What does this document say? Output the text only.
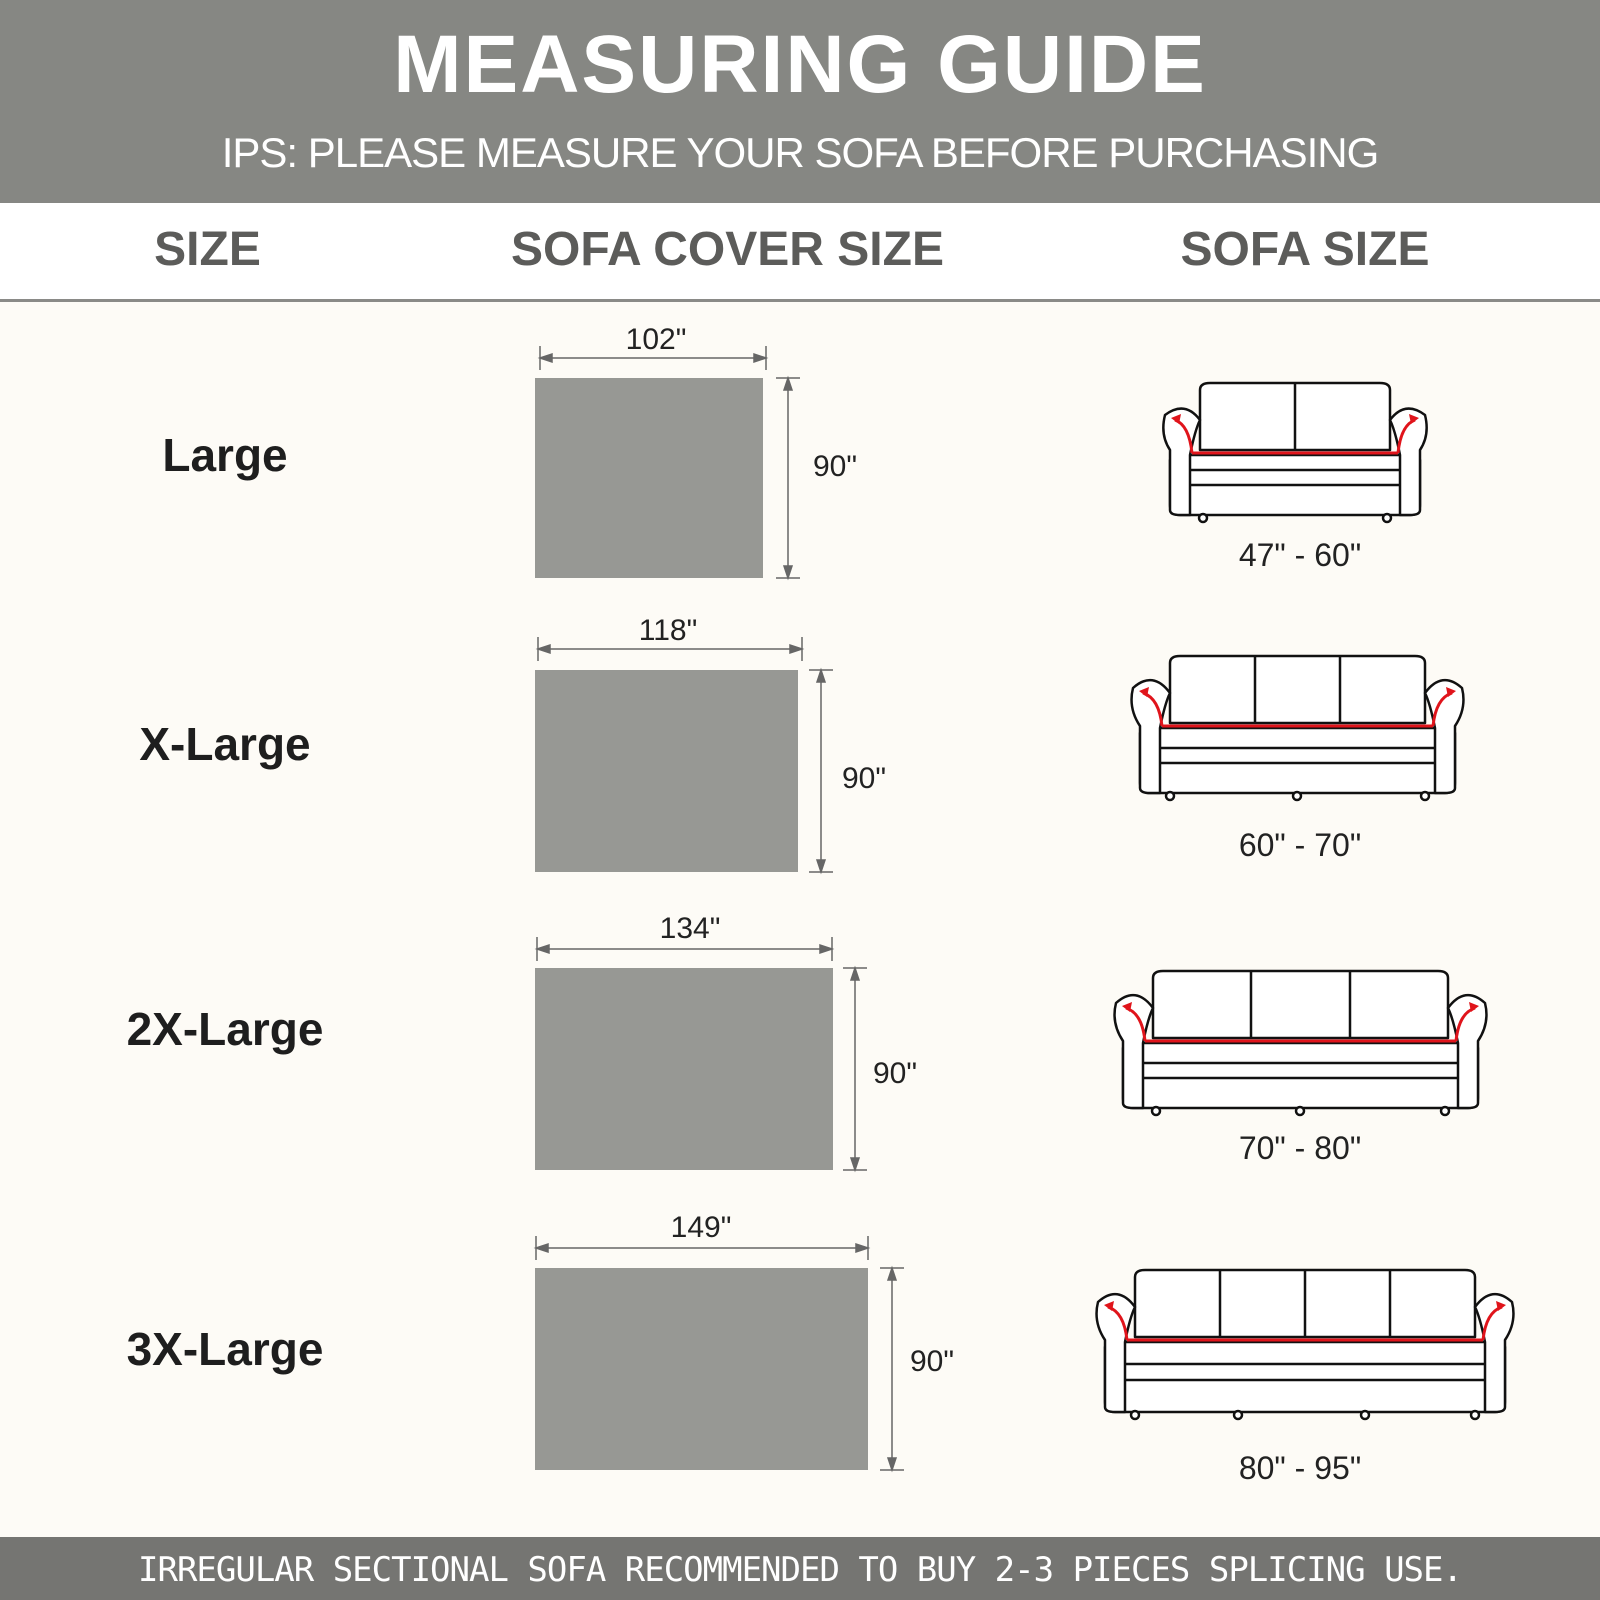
MEASURING GUIDE
IPS: PLEASE MEASURE YOUR SOFA BEFORE PURCHASING
SIZE	SOFA COVER SIZE	SOFA SIZE
Large
102"
90"
47" - 60"
X-Large
118"
90"
60" - 70"
2X-Large
134"
90"
70" - 80"
3X-Large
149"
90"
80" - 95"
IRREGULAR SECTIONAL SOFA RECOMMENDED TO BUY 2-3 PIECES SPLICING USE.
